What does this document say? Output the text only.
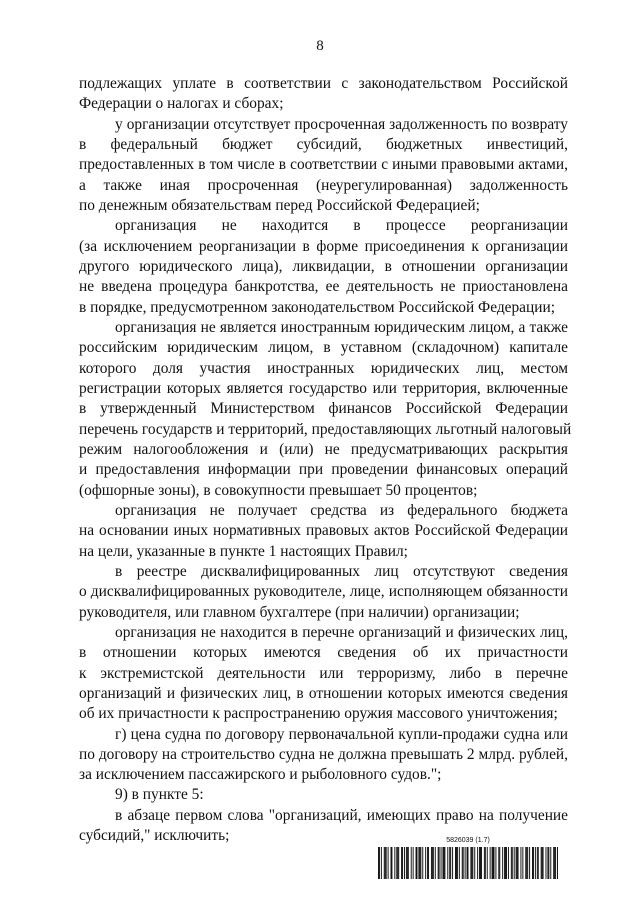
8
подлежащих уплате в соответствии с законодательством Российской
Федерации о налогах и сборах;
у организации отсутствует просроченная задолженность по возврату
в федеральный бюджет субсидий, бюджетных инвестиций,
предоставленных в том числе в соответствии с иными правовыми актами,
а также иная просроченная (неурегулированная) задолженность
по денежным обязательствам перед Российской Федерацией;
организация не находится в процессе реорганизации
(за исключением реорганизации в форме присоединения к организации
другого юридического лица), ликвидации, в отношении организации
не введена процедура банкротства, ее деятельность не приостановлена
в порядке, предусмотренном законодательством Российской Федерации;
организация не является иностранным юридическим лицом, а также
российским юридическим лицом, в уставном (складочном) капитале
которого доля участия иностранных юридических лиц, местом
регистрации которых является государство или территория, включенные
в утвержденный Министерством финансов Российской Федерации
перечень государств и территорий, предоставляющих льготный налоговый
режим налогообложения и (или) не предусматривающих раскрытия
и предоставления информации при проведении финансовых операций
(офшорные зоны), в совокупности превышает 50 процентов;
организация не получает средства из федерального бюджета
на основании иных нормативных правовых актов Российской Федерации
на цели, указанные в пункте 1 настоящих Правил;
в реестре дисквалифицированных лиц отсутствуют сведения
о дисквалифицированных руководителе, лице, исполняющем обязанности
руководителя, или главном бухгалтере (при наличии) организации;
организация не находится в перечне организаций и физических лиц,
в отношении которых имеются сведения об их причастности
к экстремистской деятельности или терроризму, либо в перечне
организаций и физических лиц, в отношении которых имеются сведения
об их причастности к распространению оружия массового уничтожения;
г) цена судна по договору первоначальной купли-продажи судна или
по договору на строительство судна не должна превышать 2 млрд. рублей,
за исключением пассажирского и рыболовного судов.";
9) в пункте 5:
в абзаце первом слова "организаций, имеющих право на получение
субсидий," исключить;	5826039 (1.7)
